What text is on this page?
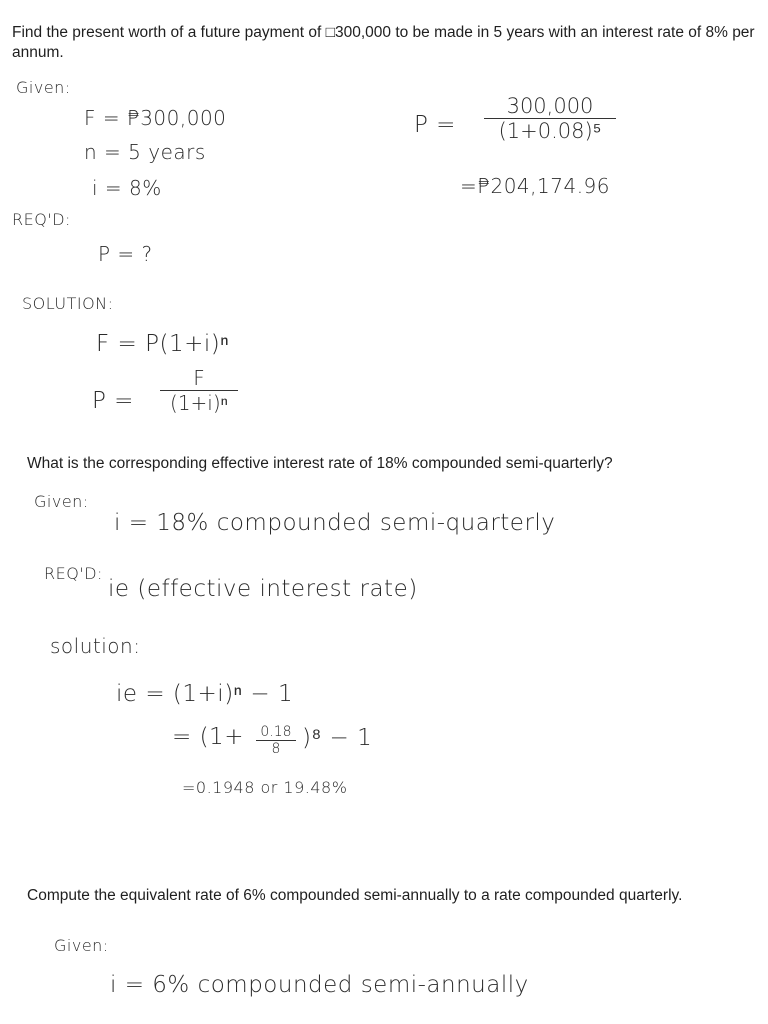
Find the present worth of a future payment of □300,000 to be made in 5 years with an interest rate of 8% per annum.

Given:
F = ₱300,000
n = 5 years
i = 8%
REQ'D:
P = ?
SOLUTION:
F = P(1+i)ⁿ
P =
F
(1+i)ⁿ
P =
300,000
(1+0.08)⁵
=₱204,174.96

What is the corresponding effective interest rate of 18% compounded semi-quarterly?

Given:
i = 18% compounded semi-quarterly
REQ'D:
ie (effective interest rate)
solution:
ie = (1+i)ⁿ − 1
= (1+ 0.18
8 )⁸ − 1
=0.1948 or 19.48%

Compute the equivalent rate of 6% compounded semi-annually to a rate compounded quarterly.

Given:
i = 6% compounded semi-annually
